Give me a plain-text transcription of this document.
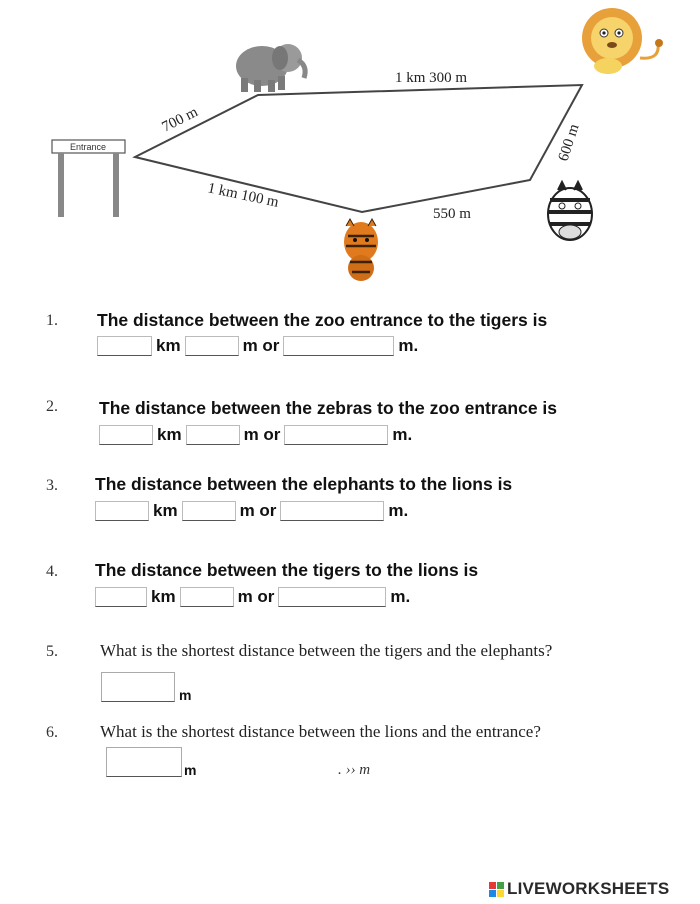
700 m
1 km 300 m
600 m
550 m
1 km 100 m
Entrance
1. The distance between the zoo entrance to the tigers is
km	m or	m.
2. The distance between the zebras to the zoo entrance is
km	m or	m.
3. The distance between the elephants to the lions is
km	m or	m.
4. The distance between the tigers to the lions is
km	m or	m.
5. What is the shortest distance between the tigers and the elephants?
m
6. What is the shortest distance between the lions and the entrance?
m	. ›› m
LIVEWORKSHEETS
